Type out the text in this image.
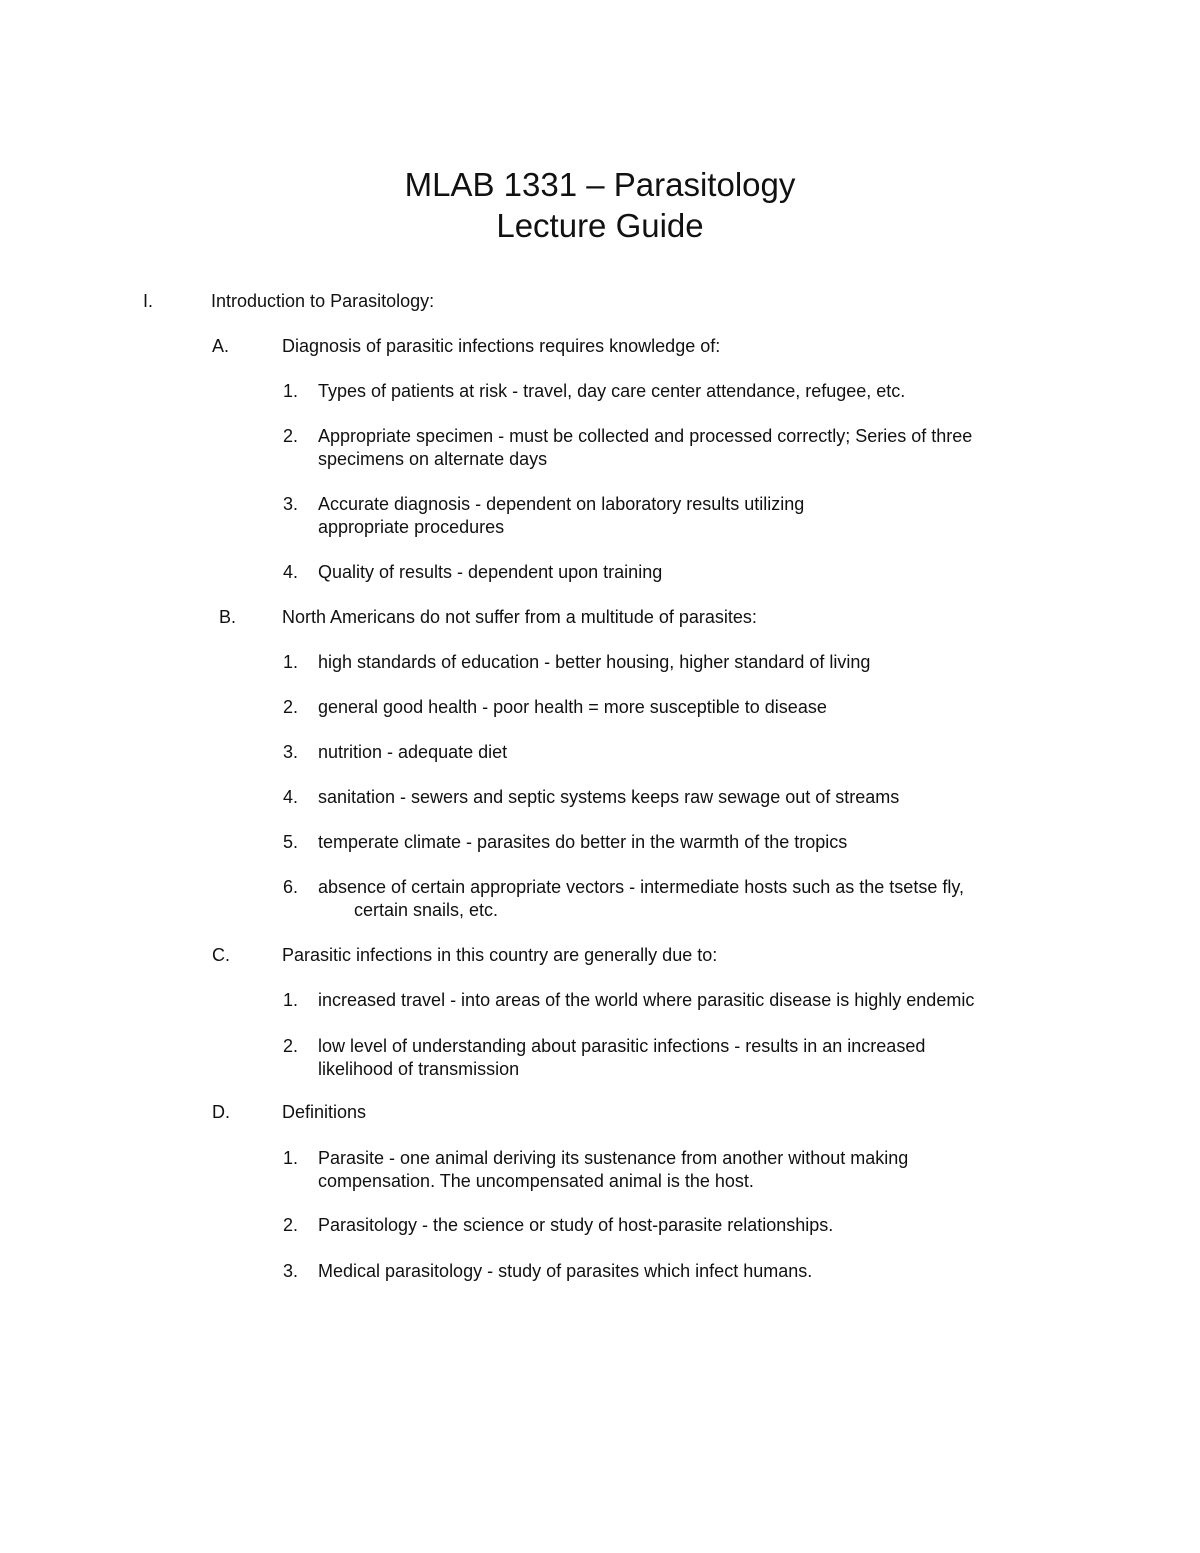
MLAB 1331 – Parasitology
Lecture Guide
I.	Introduction to Parasitology:
A.	Diagnosis of parasitic infections requires knowledge of:
1. Types of patients at risk - travel, day care center attendance, refugee, etc.
2. Appropriate specimen - must be collected and processed correctly; Series of three
specimens on alternate days
3. Accurate diagnosis - dependent on laboratory results utilizing
appropriate procedures
4. Quality of results - dependent upon training
B.	North Americans do not suffer from a multitude of parasites:
1. high standards of education - better housing, higher standard of living
2. general good health - poor health = more susceptible to disease
3. nutrition - adequate diet
4. sanitation - sewers and septic systems keeps raw sewage out of streams
5. temperate climate - parasites do better in the warmth of the tropics
6. absence of certain appropriate vectors - intermediate hosts such as the tsetse fly,
certain snails, etc.
C.	Parasitic infections in this country are generally due to:
1. increased travel - into areas of the world where parasitic disease is highly endemic
2. low level of understanding about parasitic infections - results in an increased
likelihood of transmission
D.	Definitions
1. Parasite - one animal deriving its sustenance from another without making
compensation. The uncompensated animal is the host.
2. Parasitology - the science or study of host-parasite relationships.
3. Medical parasitology - study of parasites which infect humans.
